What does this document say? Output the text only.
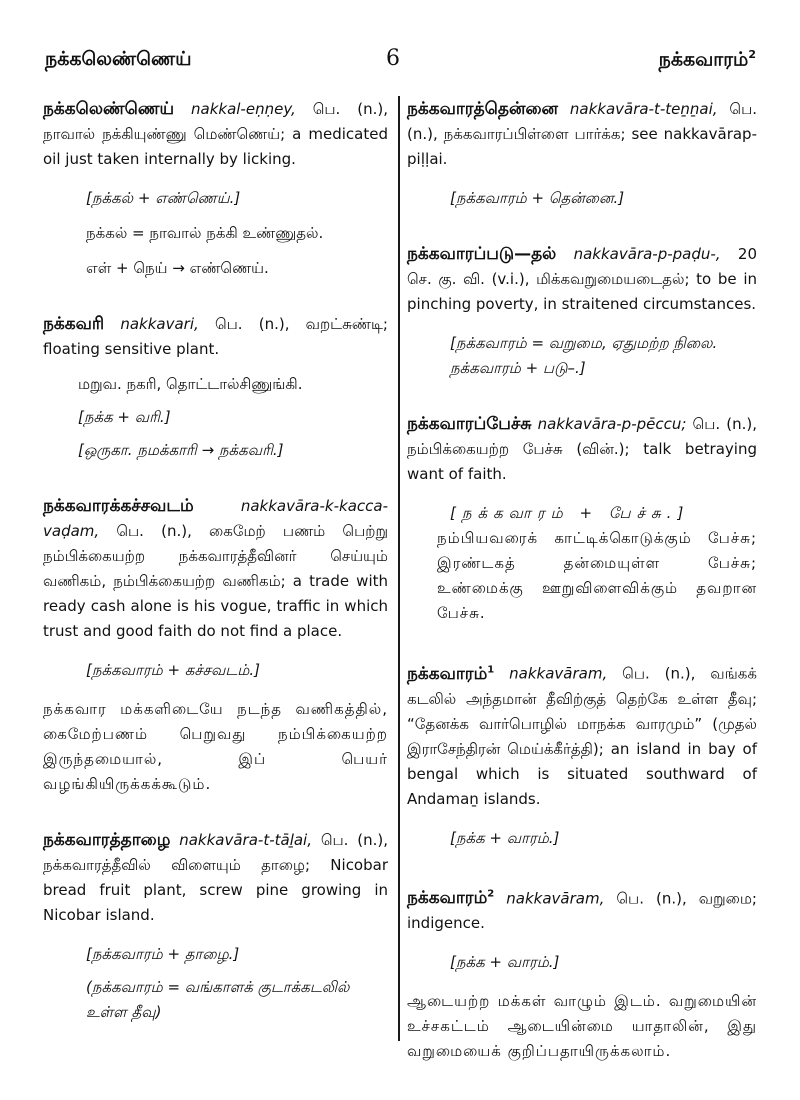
நக்கலெண்ணெய்	6	நக்கவாரம்$^2$

நக்கலெண்ணெய் nakkal-eṇṇey, பெ. (n.), நாவால் நக்கியுண்ணு மெண்ணெய்; a medicated oil just taken internally by licking.

[நக்கல் + எண்ணெய்.]

நக்கல் = நாவால் நக்கி உண்ணுதல்.

எள் + நெய் → எண்ணெய்.

நக்கவரி nakkavari, பெ. (n.), வறட்சுண்டி; floating sensitive plant.

மறுவ. நகரி, தொட்டால்சிணுங்கி.

[நக்க + வரி.]

[ஒருகா. நமக்காரி → நக்கவரி.]

நக்கவாரக்கச்சவடம்	nakkavāra-k-kacca-vaḍam, பெ. (n.), கைமேற் பணம் பெற்று நம்பிக்கையற்ற நக்கவாரத்தீவினர் செய்யும் வணிகம், நம்பிக்கையற்ற வணிகம்; a trade with ready cash alone is his vogue, traffic in which trust and good faith do not find a place.

[நக்கவாரம் + கச்சவடம்.]

நக்கவார மக்களிடையே நடந்த வணிகத்தில், கைமேற்பணம் பெறுவது நம்பிக்கையற்ற இருந்தமையால், இப் பெயர் வழங்கியிருக்கக்கூடும்.

நக்கவாரத்தாழை nakkavāra-t-tāḻai, பெ. (n.), நக்கவாரத்தீவில் விளையும் தாழை; Nicobar bread fruit plant, screw pine growing in Nicobar island.

[நக்கவாரம் + தாழை.]

(நக்கவாரம் = வங்காளக் குடாக்கடலில் உள்ள தீவு)

நக்கவாரத்தென்னை nakkavāra-t-teṉṉai, பெ. (n.), நக்கவாரப்பிள்ளை பார்க்க; see nakkavārap-piḷḷai.

[நக்கவாரம் + தென்னை.]

நக்கவாரப்படு—தல் nakkavāra-p-paḍu-, 20 செ. கு. வி. (v.i.), மிக்கவறுமையடைதல்; to be in pinching poverty, in straitened circumstances.

[நக்கவாரம் = வறுமை, ஏதுமற்ற நிலை. நக்கவாரம் + படு–.]

நக்கவாரப்பேச்சு nakkavāra-p-pēccu; பெ. (n.), நம்பிக்கையற்ற பேச்சு (வின்.); talk betraying want of faith.

[நக்கவாரம் + பேச்சு.]

நம்பியவரைக் காட்டிக்கொடுக்கும் பேச்சு; இரண்டகத் தன்மையுள்ள பேச்சு; உண்மைக்கு ஊறுவிளைவிக்கும் தவறான பேச்சு.

நக்கவாரம்$^1$ nakkavāram, பெ. (n.), வங்கக் கடலில் அந்தமான் தீவிற்குத் தெற்கே உள்ள தீவு; “தேனக்க வார்பொழில் மாநக்க வாரமும்” (முதல் இராசேந்திரன் மெய்க்கீர்த்தி); an island in bay of bengal which is situated southward of Andamaṉ islands.

[நக்க + வாரம்.]

நக்கவாரம்$^2$ nakkavāram, பெ. (n.), வறுமை; indigence.

[நக்க + வாரம்.]

ஆடையற்ற மக்கள் வாழும் இடம். வறுமையின் உச்சகட்டம் ஆடையின்மை யாதாலின், இது வறுமையைக் குறிப்பதாயிருக்கலாம்.
